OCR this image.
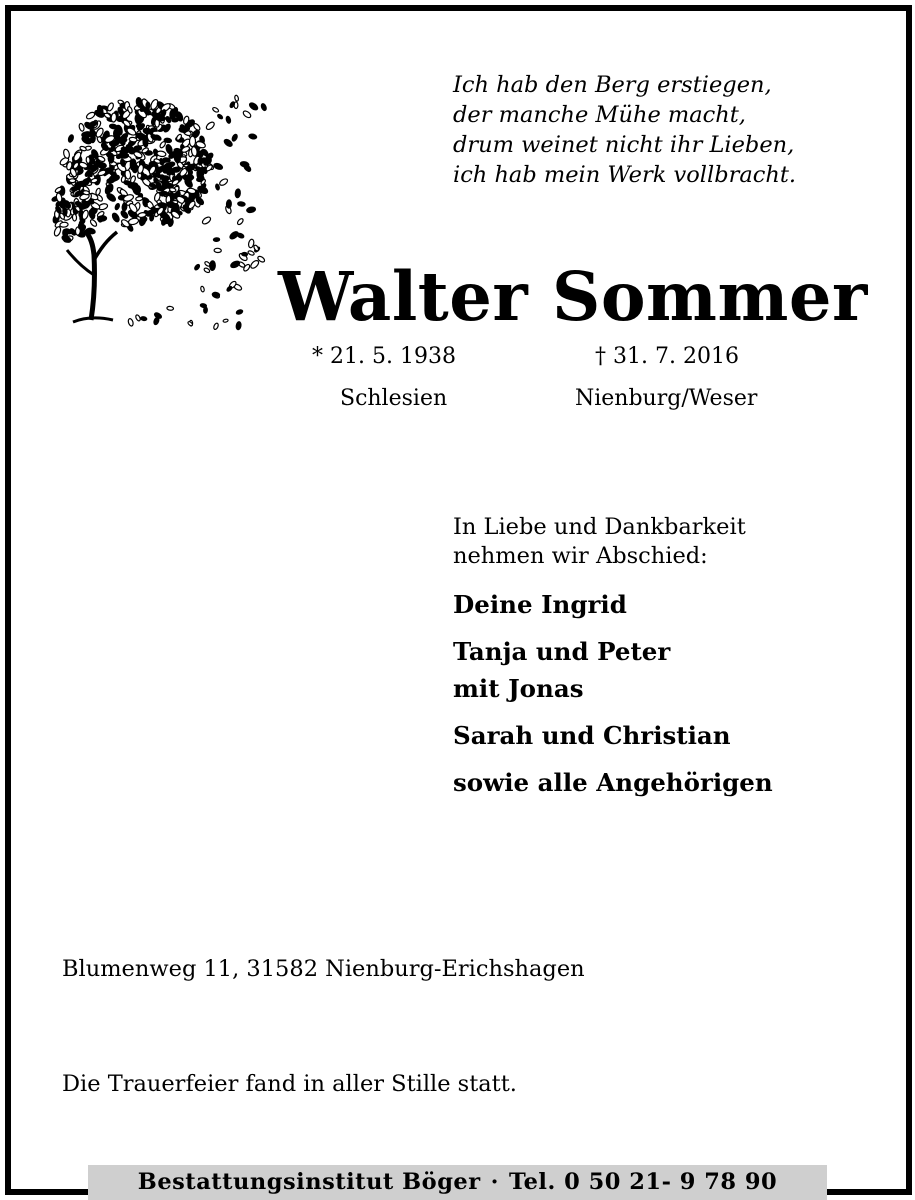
Ich hab den Berg erstiegen,
der manche Mühe macht,
drum weinet nicht ihr Lieben,
ich hab mein Werk vollbracht.
Walter Sommer
* 21. 5. 1938	† 31. 7. 2016
Schlesien	Nienburg/Weser
In Liebe und Dankbarkeit
nehmen wir Abschied:
Deine Ingrid
Tanja und Peter
mit Jonas
Sarah und Christian
sowie alle Angehörigen
Blumenweg 11, 31582 Nienburg-Erichshagen
Die Trauerfeier fand in aller Stille statt.
Bestattungsinstitut Böger · Tel. 0 50 21- 9 78 90
